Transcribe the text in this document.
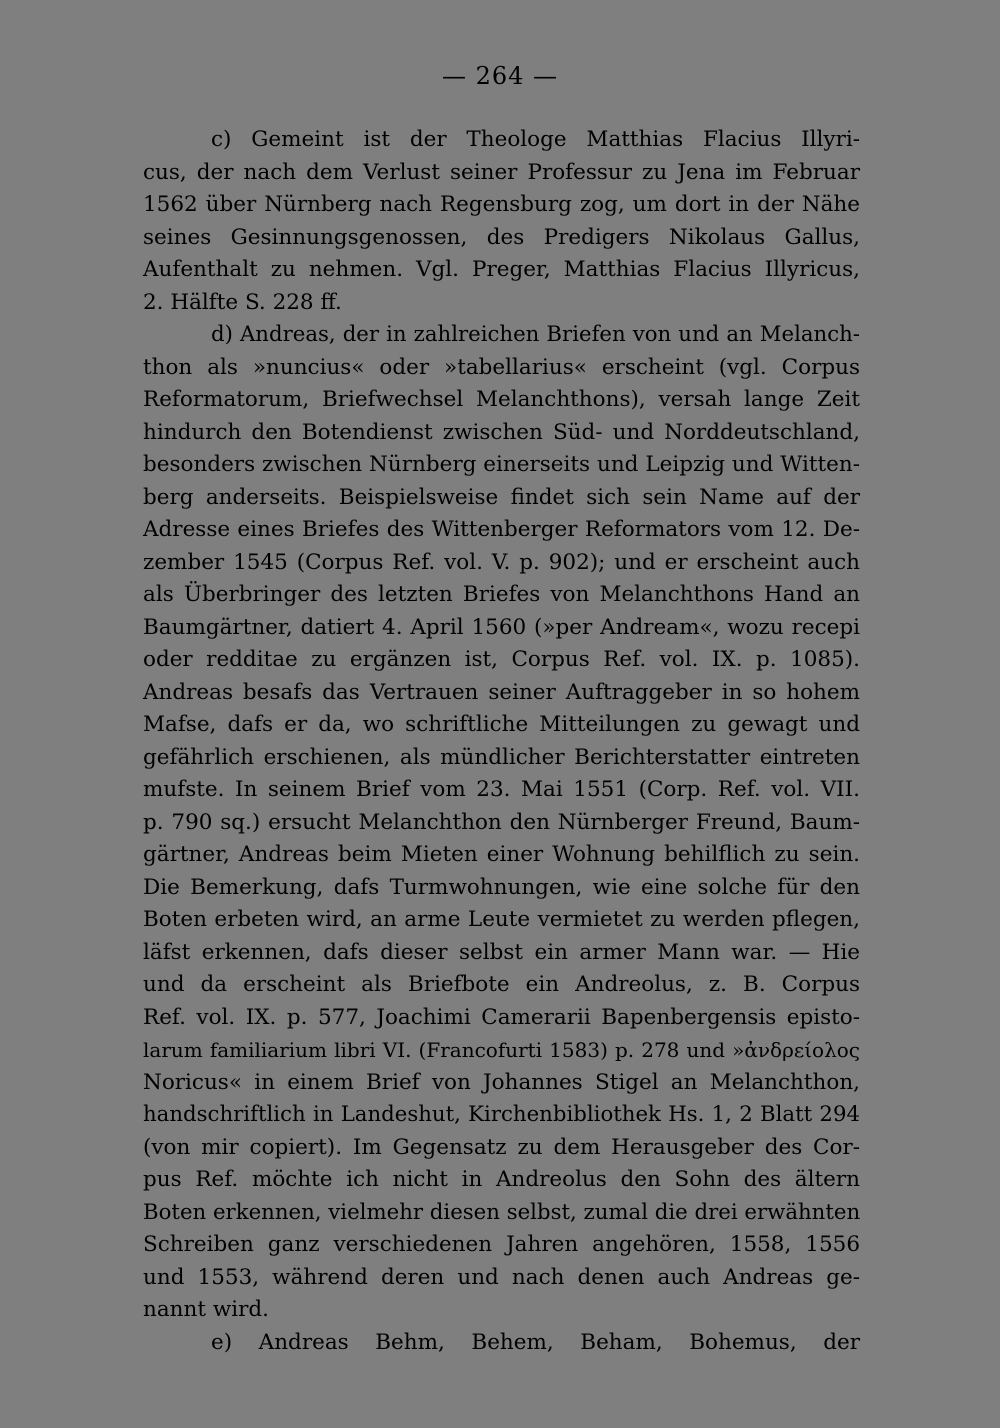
— 264 —
c) Gemeint ist der Theologe Matthias Flacius Illyri-
cus, der nach dem Verlust seiner Professur zu Jena im Februar
1562 über Nürnberg nach Regensburg zog, um dort in der Nähe
seines Gesinnungsgenossen, des Predigers Nikolaus Gallus,
Aufenthalt zu nehmen. Vgl. Preger, Matthias Flacius Illyricus,
2. Hälfte S. 228 ff.
d) Andreas, der in zahlreichen Briefen von und an Melanch-
thon als »nuncius« oder »tabellarius« erscheint (vgl. Corpus
Reformatorum, Briefwechsel Melanchthons), versah lange Zeit
hindurch den Botendienst zwischen Süd- und Norddeutschland,
besonders zwischen Nürnberg einerseits und Leipzig und Witten-
berg anderseits. Beispielsweise findet sich sein Name auf der
Adresse eines Briefes des Wittenberger Reformators vom 12. De-
zember 1545 (Corpus Ref. vol. V. p. 902); und er erscheint auch
als Überbringer des letzten Briefes von Melanchthons Hand an
Baumgärtner, datiert 4. April 1560 (»per Andream«, wozu recepi
oder redditae zu ergänzen ist, Corpus Ref. vol. IX. p. 1085).
Andreas besafs das Vertrauen seiner Auftraggeber in so hohem
Mafse, dafs er da, wo schriftliche Mitteilungen zu gewagt und
gefährlich erschienen, als mündlicher Berichterstatter eintreten
mufste. In seinem Brief vom 23. Mai 1551 (Corp. Ref. vol. VII.
p. 790 sq.) ersucht Melanchthon den Nürnberger Freund, Baum-
gärtner, Andreas beim Mieten einer Wohnung behilflich zu sein.
Die Bemerkung, dafs Turmwohnungen, wie eine solche für den
Boten erbeten wird, an arme Leute vermietet zu werden pflegen,
läfst erkennen, dafs dieser selbst ein armer Mann war. — Hie
und da erscheint als Briefbote ein Andreolus, z. B. Corpus
Ref. vol. IX. p. 577, Joachimi Camerarii Bapenbergensis episto-
larum familiarium libri VI. (Francofurti 1583) p. 278 und »ἀνδρείολος
Noricus« in einem Brief von Johannes Stigel an Melanchthon,
handschriftlich in Landeshut, Kirchenbibliothek Hs. 1, 2 Blatt 294
(von mir copiert). Im Gegensatz zu dem Herausgeber des Cor-
pus Ref. möchte ich nicht in Andreolus den Sohn des ältern
Boten erkennen, vielmehr diesen selbst, zumal die drei erwähnten
Schreiben ganz verschiedenen Jahren angehören, 1558, 1556
und 1553, während deren und nach denen auch Andreas ge-
nannt wird.
e) Andreas Behm, Behem, Beham, Bohemus, der
